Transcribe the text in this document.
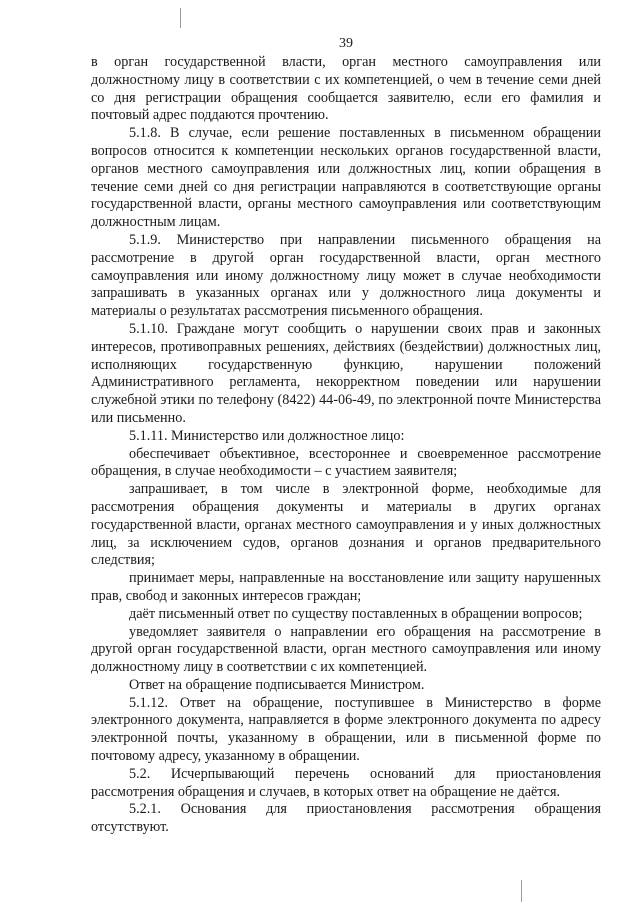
39

в орган государственной власти, орган местного самоуправления или должностному лицу в соответствии с их компетенцией, о чем в течение семи дней со дня регистрации обращения сообщается заявителю, если его фамилия и почтовый адрес поддаются прочтению.

5.1.8. В случае, если решение поставленных в письменном обращении вопросов относится к компетенции нескольких органов государственной власти, органов местного самоуправления или должностных лиц, копии обращения в течение семи дней со дня регистрации направляются в соответствующие органы государственной власти, органы местного самоуправления или соответствующим должностным лицам.

5.1.9. Министерство при направлении письменного обращения на рассмотрение в другой орган государственной власти, орган местного самоуправления или иному должностному лицу может в случае необходимости запрашивать в указанных органах или у должностного лица документы и материалы о результатах рассмотрения письменного обращения.

5.1.10. Граждане могут сообщить о нарушении своих прав и законных интересов, противоправных решениях, действиях (бездействии) должностных лиц, исполняющих государственную функцию, нарушении положений Административного регламента, некорректном поведении или нарушении служебной этики по телефону (8422) 44-06-49, по электронной почте Министерства или письменно.

5.1.11. Министерство или должностное лицо:

обеспечивает объективное, всестороннее и своевременное рассмотрение обращения, в случае необходимости – с участием заявителя;

запрашивает, в том числе в электронной форме, необходимые для рассмотрения обращения документы и материалы в других органах государственной власти, органах местного самоуправления и у иных должностных лиц, за исключением судов, органов дознания и органов предварительного следствия;

принимает меры, направленные на восстановление или защиту нарушенных прав, свобод и законных интересов граждан;

даёт письменный ответ по существу поставленных в обращении вопросов;

уведомляет заявителя о направлении его обращения на рассмотрение в другой орган государственной власти, орган местного самоуправления или иному должностному лицу в соответствии с их компетенцией.

Ответ на обращение подписывается Министром.

5.1.12. Ответ на обращение, поступившее в Министерство в форме электронного документа, направляется в форме электронного документа по адресу электронной почты, указанному в обращении, или в письменной форме по почтовому адресу, указанному в обращении.

5.2. Исчерпывающий перечень оснований для приостановления рассмотрения обращения и случаев, в которых ответ на обращение не даётся.

5.2.1. Основания для приостановления рассмотрения обращения отсутствуют.
